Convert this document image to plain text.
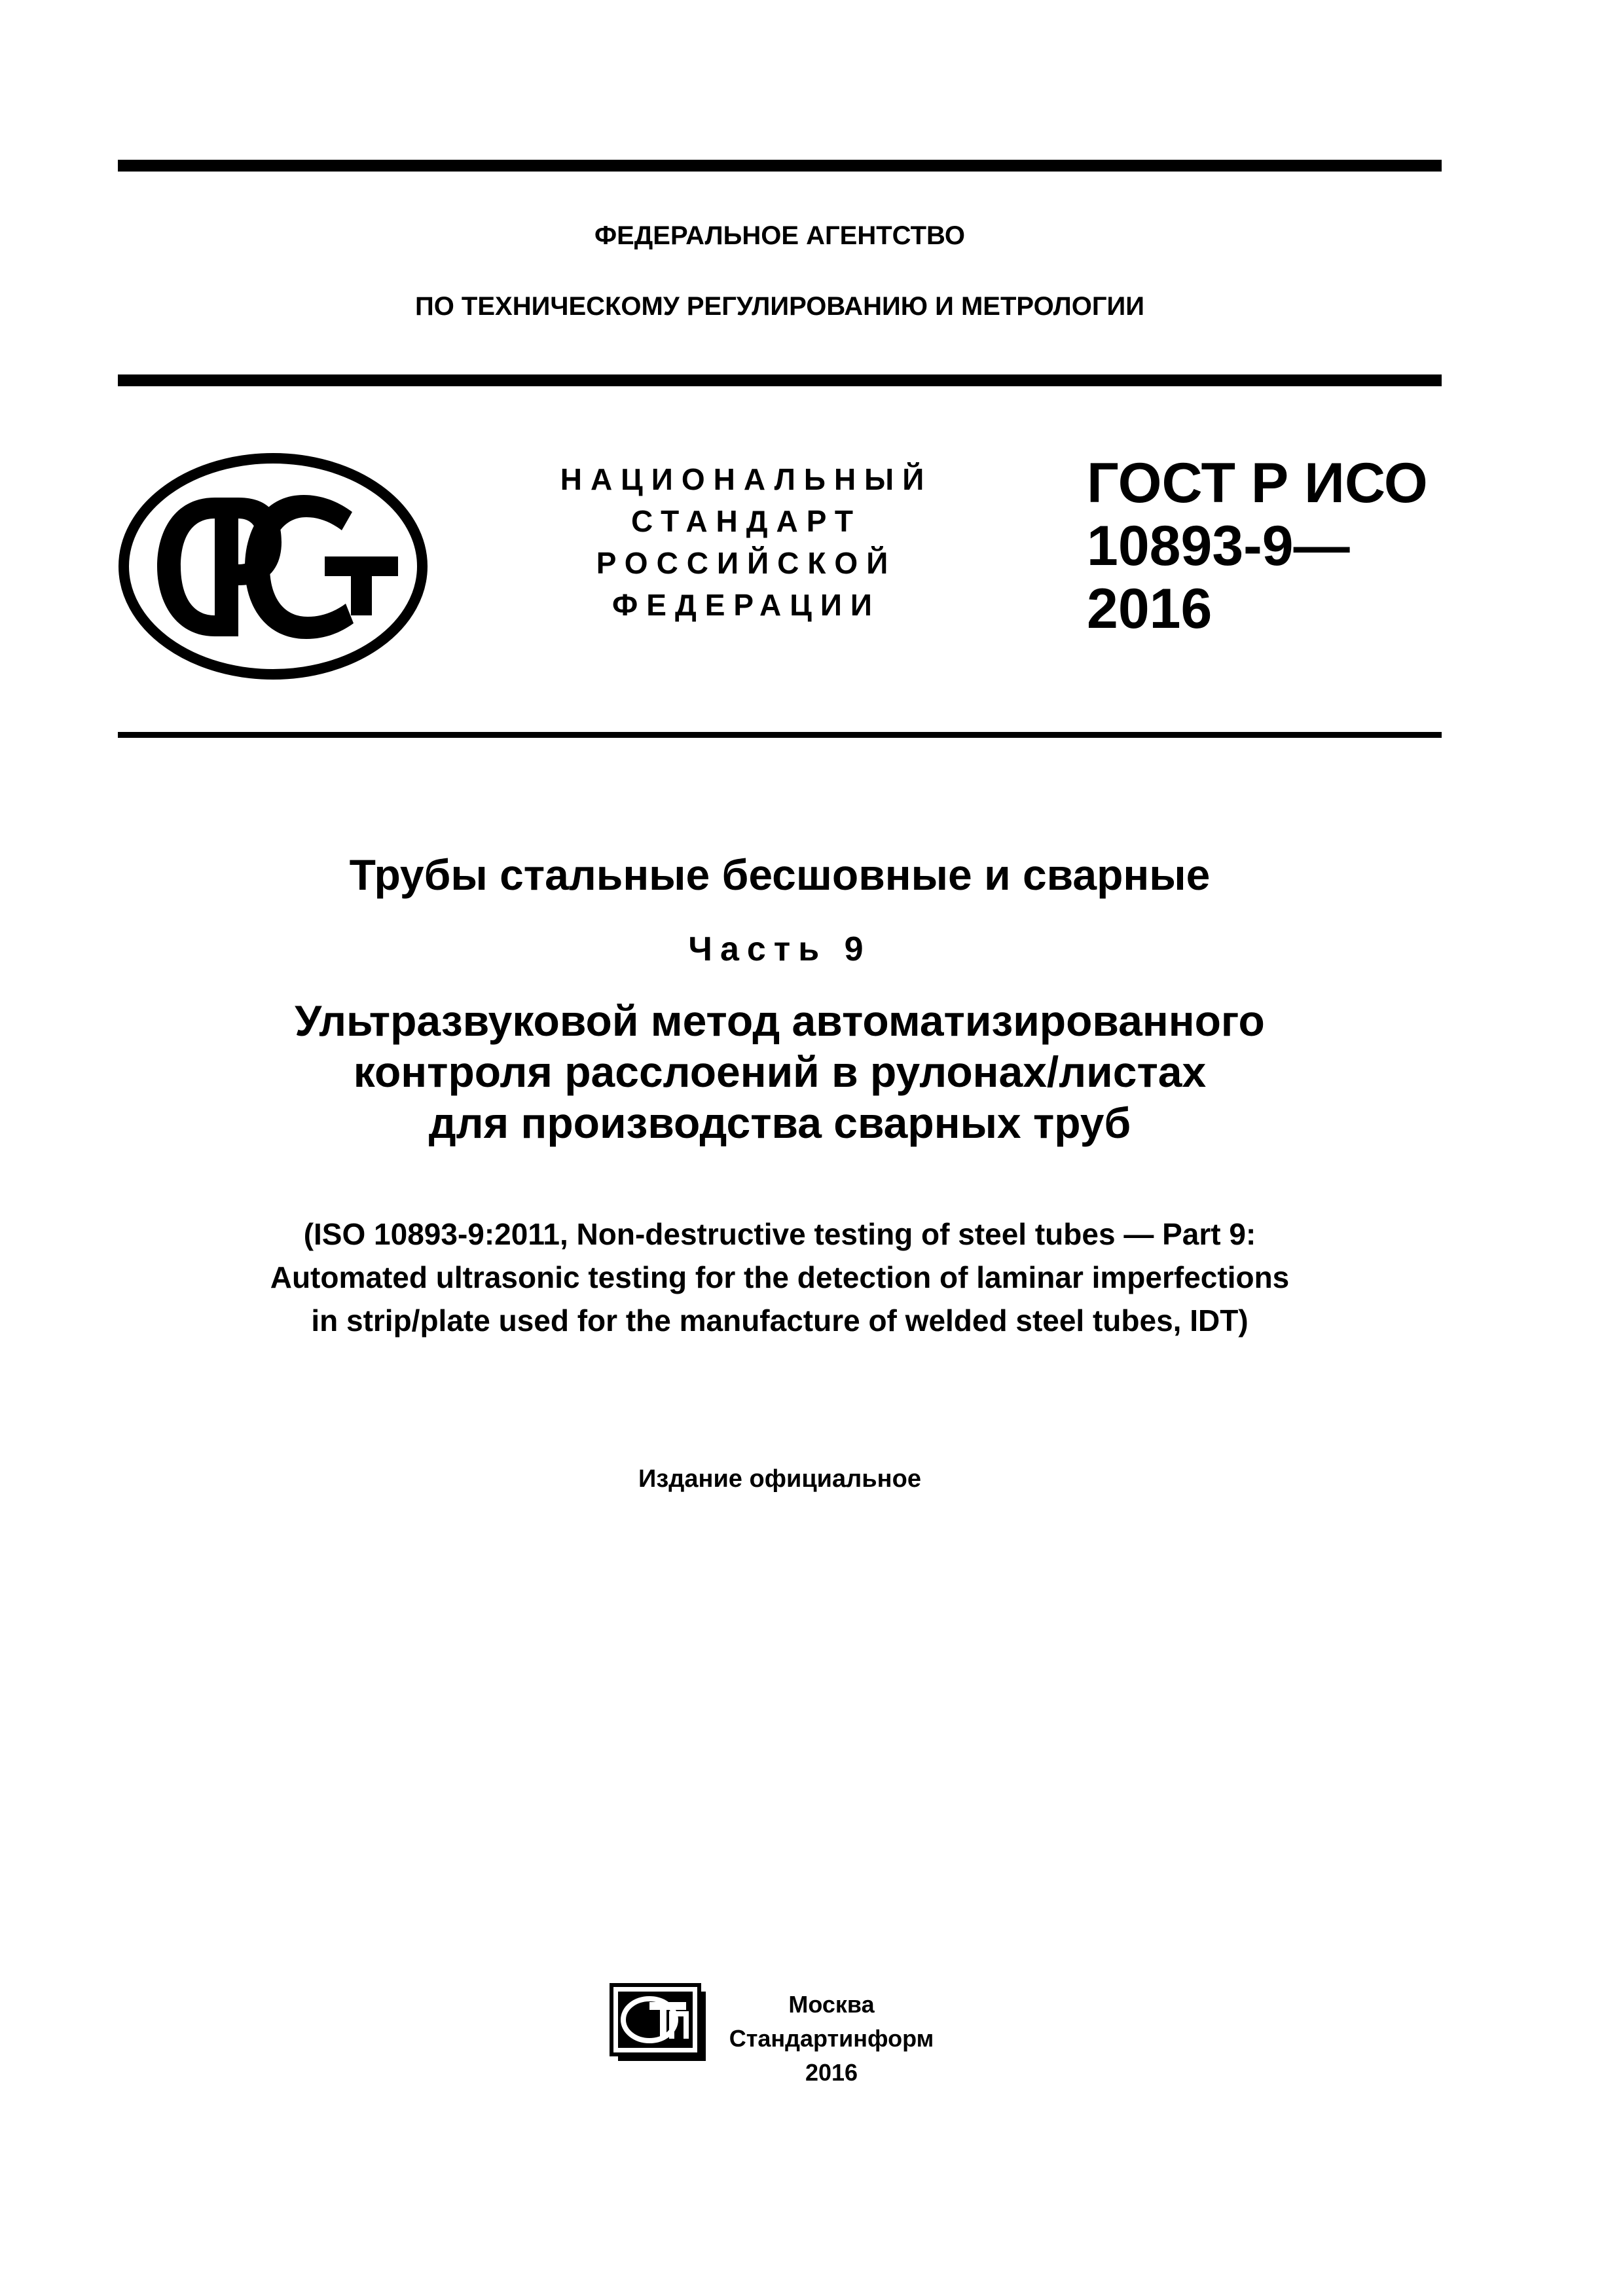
ФЕДЕРАЛЬНОЕ АГЕНТСТВО
ПО ТЕХНИЧЕСКОМУ РЕГУЛИРОВАНИЮ И МЕТРОЛОГИИ
НАЦИОНАЛЬНЫЙ
СТАНДАРТ
РОССИЙСКОЙ
ФЕДЕРАЦИИ
ГОСТ Р ИСО
10893-9—
2016
Трубы стальные бесшовные и сварные
Часть 9
Ультразвуковой метод автоматизированного
контроля расслоений в рулонах/листах
для производства сварных труб
(ISO 10893-9:2011, Non-destructive testing of steel tubes — Part 9:
Automated ultrasonic testing for the detection of laminar imperfections
in strip/plate used for the manufacture of welded steel tubes, IDT)
Издание официальное
Москва
Стандартинформ
2016
